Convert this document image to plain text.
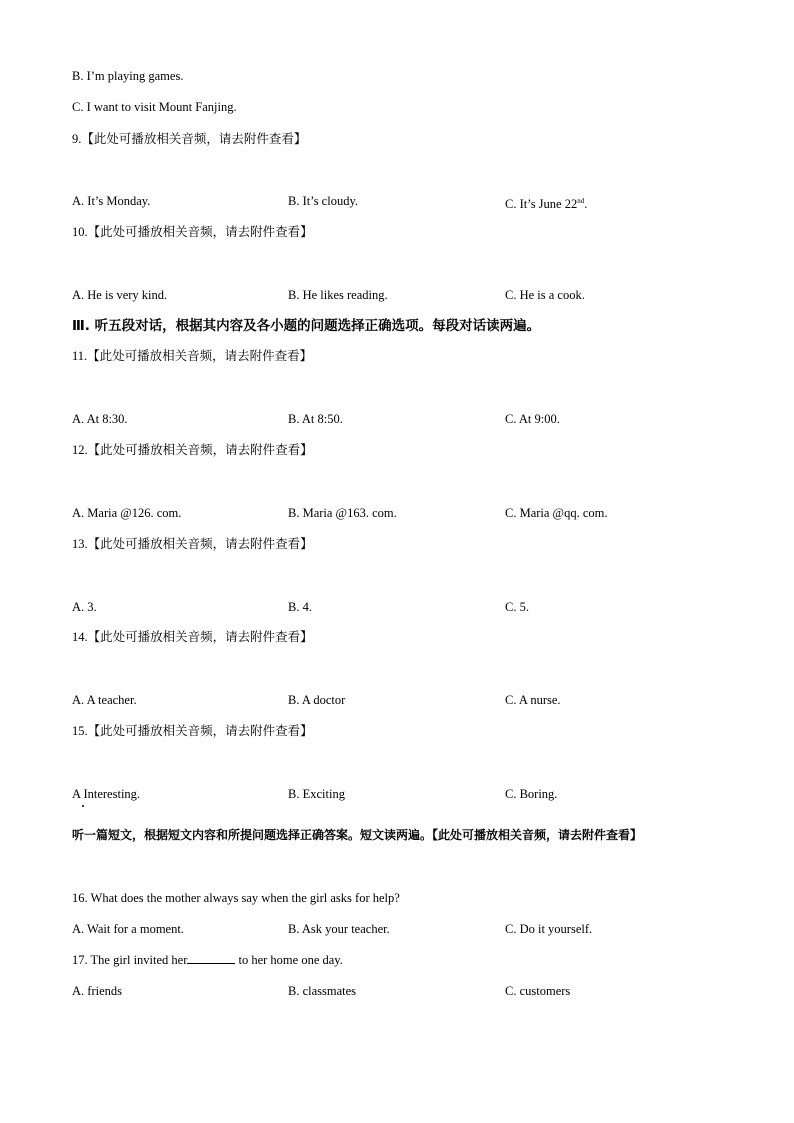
B. I’m playing games.
C. I want to visit Mount Fanjing.
9.【此处可播放相关音频，请去附件查看】
A. It’s Monday.	B. It’s cloudy.	C. It’s June 22nd.
10.【此处可播放相关音频，请去附件查看】
A. He is very kind.	B. He likes reading.	C. He is a cook.
Ⅲ. 听五段对话，根据其内容及各小题的问题选择正确选项。每段对话读两遍。
11.【此处可播放相关音频，请去附件查看】
A. At 8:30.	B. At 8:50.	C. At 9:00.
12.【此处可播放相关音频，请去附件查看】
A. Maria @126. com.	B. Maria @163. com.	C. Maria @qq. com.
13.【此处可播放相关音频，请去附件查看】
A. 3.	B. 4.	C. 5.
14.【此处可播放相关音频，请去附件查看】
A. A teacher.	B. A doctor	C. A nurse.
15.【此处可播放相关音频，请去附件查看】
A Interesting.	B. Exciting	C. Boring.
听一篇短文，根据短文内容和所提问题选择正确答案。短文读两遍。【此处可播放相关音频，请去附件查看】
16. What does the mother always say when the girl asks for help?
A. Wait for a moment.	B. Ask your teacher.	C. Do it yourself.
17. The girl invited her	to her home one day.
A. friends	B. classmates	C. customers
